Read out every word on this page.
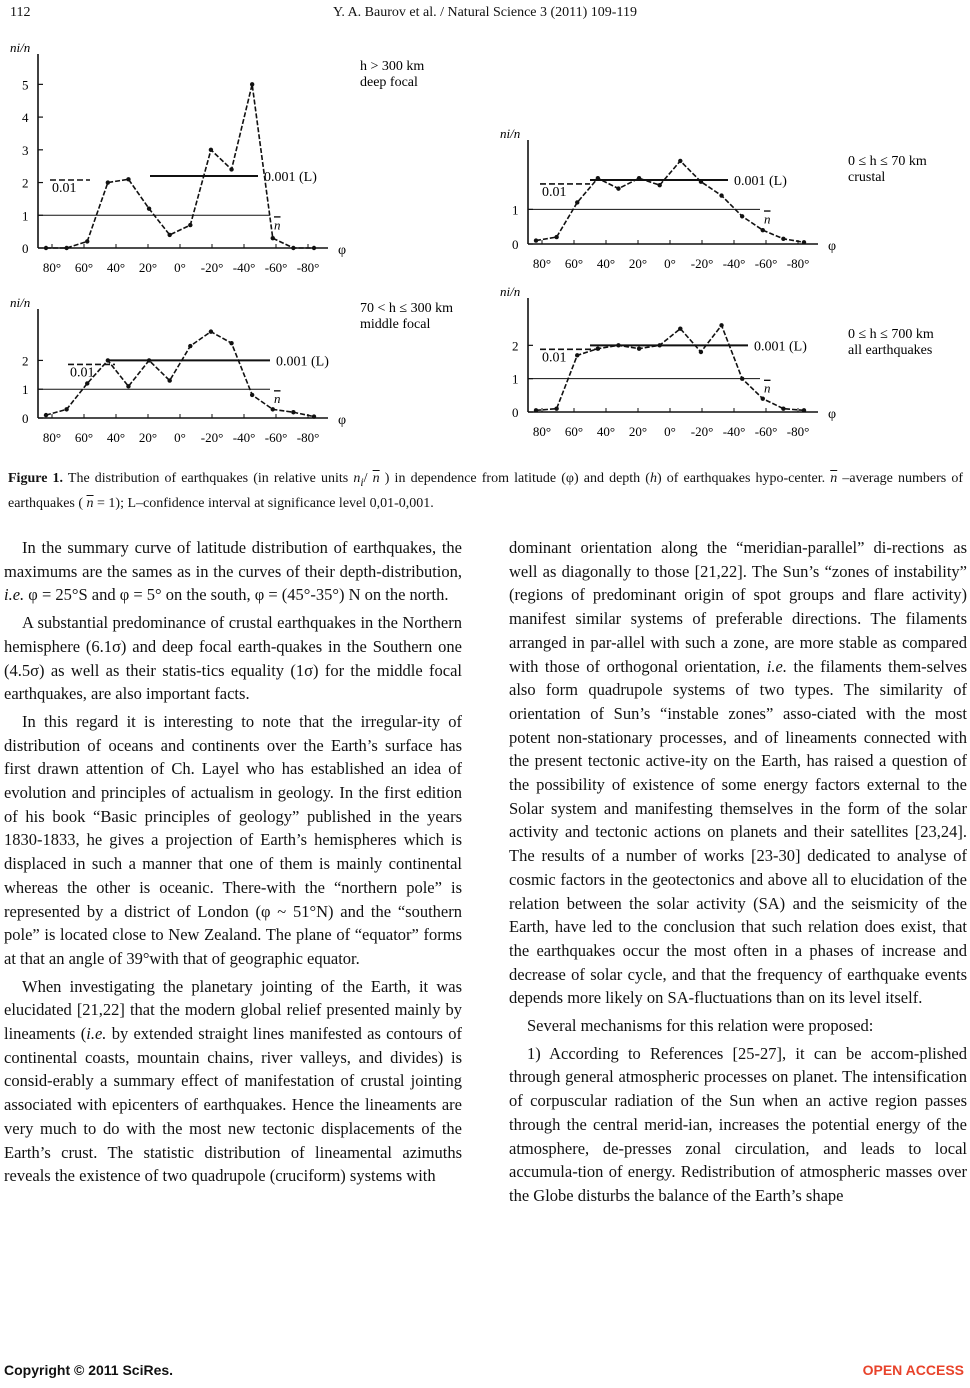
112	Y. A. Baurov et al. / Natural Science 3 (2011) 109-119
φ
ni/n
0
1
2
3
4
5
80° 60° 40° 20° 0° -20° -40° -60° -80°
n
0.001 (L)
0.01
h > 300 km
deep focal
φ
ni/n
0
1
80° 60° 40° 20° 0° -20° -40° -60° -80°
n
0.001 (L)
0.01
0 ≤ h ≤ 70 km
crustal
φ
ni/n
0
1
2
80° 60° 40° 20° 0° -20° -40° -60° -80°
n
0.001 (L)
0.01
70 < h ≤ 300 km
middle focal
φ
ni/n
0
1
2
80° 60° 40° 20° 0° -20° -40° -60° -80°
n
0.001 (L)
0.01
0 ≤ h ≤ 700 km
all earthquakes
Figure 1. The distribution of earthquakes (in relative units $n_i/$ $\overline{n}$ ) in dependence from latitude (φ) and depth (h) of earthquakes hypo-center. $\overline{n}$ –average numbers of earthquakes ( $\overline{n} = 1$); L–confidence interval at significance level 0,01-0,001.

In the summary curve of latitude distribution of earthquakes, the maximums are the sames as in the curves of their depth-distribution, i.e. φ = 25°S and φ = 5° on the south, φ = (45°-35°) N on the north.

A substantial predominance of crustal earthquakes in the Northern hemisphere (6.1σ) and deep focal earth-quakes in the Southern one (4.5σ) as well as their statis-tics equality (1σ) for the middle focal earthquakes, are also important facts.

In this regard it is interesting to note that the irregular-ity of distribution of oceans and continents over the Earth’s surface has first drawn attention of Ch. Layel who has established an idea of evolution and principles of actualism in geology. In the first edition of his book “Basic principles of geology” published in the years 1830-1833, he gives a projection of Earth’s hemispheres which is displaced in such a manner that one of them is mainly continental whereas the other is oceanic. There-with the “northern pole” is represented by a district of London (φ ~ 51°N) and the “southern pole” is located close to New Zealand. The plane of “equator” forms at that an angle of 39°with that of geographic equator.

When investigating the planetary jointing of the Earth, it was elucidated [21,22] that the modern global relief presented mainly by lineaments (i.e. by extended straight lines manifested as contours of continental coasts, mountain chains, river valleys, and divides) is consid-erably a summary effect of manifestation of crustal jointing associated with epicenters of earthquakes. Hence the lineaments are very much to do with the most new tectonic displacements of the Earth’s crust. The statistic distribution of lineamental azimuths reveals the existence of two quadrupole (cruciform) systems with

dominant orientation along the “meridian-parallel” di-rections as well as diagonally to those [21,22]. The Sun’s “zones of instability” (regions of predominant origin of spot groups and flare activity) manifest similar systems of preferable directions. The filaments arranged in par-allel with such a zone, are more stable as compared with those of orthogonal orientation, i.e. the filaments them-selves also form quadrupole systems of two types. The similarity of orientation of Sun’s “instable zones” asso-ciated with the most potent non-stationary processes, and of lineaments connected with the present tectonic active-ity on the Earth, has raised a question of the possibility of existence of some energy factors external to the Solar system and manifesting themselves in the form of the solar activity and tectonic actions on planets and their satellites [23,24]. The results of a number of works [23-30] dedicated to analyse of cosmic factors in the geotectonics and above all to elucidation of the relation between the solar activity (SA) and the seismicity of the Earth, have led to the conclusion that such relation does exist, that the earthquakes occur the most often in a phases of increase and decrease of solar cycle, and that the frequency of earthquake events depends more likely on SA-fluctuations than on its level itself.

Several mechanisms for this relation were proposed:

1) According to References [25-27], it can be accom-plished through general atmospheric processes on planet. The intensification of corpuscular radiation of the Sun when an active region passes through the central merid-ian, increases the potential energy of the atmosphere, de-presses zonal circulation, and leads to local accumula-tion of energy. Redistribution of atmospheric masses over the Globe disturbs the balance of the Earth’s shape

Copyright © 2011 SciRes.	OPEN ACCESS
